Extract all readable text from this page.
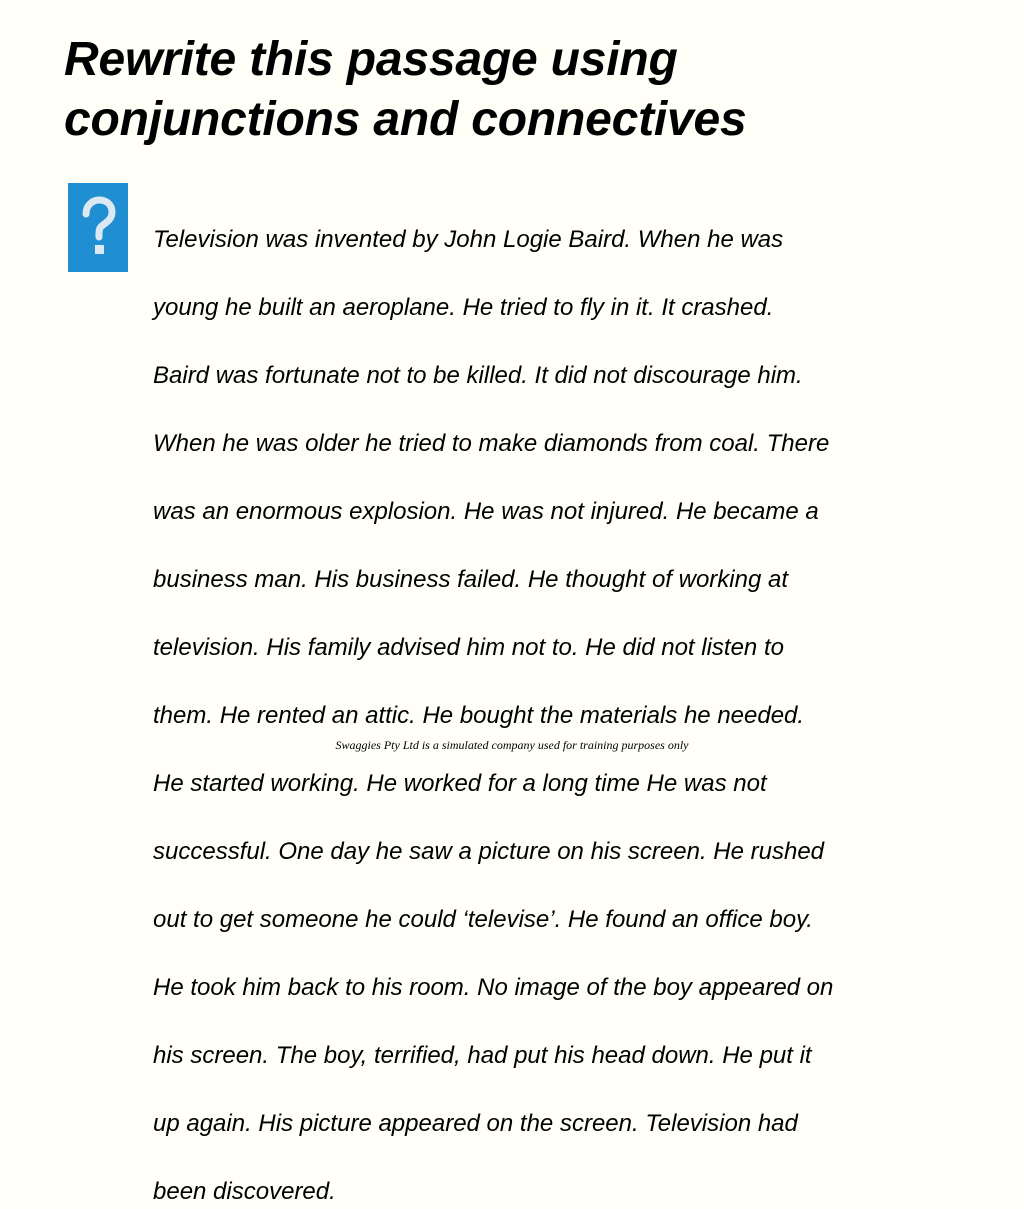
Rewrite this passage using
conjunctions and connectives

Television was invented by John Logie Baird. When he was

young he built an aeroplane. He tried to fly in it. It crashed.

Baird was fortunate not to be killed. It did not discourage him.

When he was older he tried to make diamonds from coal. There

was an enormous explosion. He was not injured. He became a

business man. His business failed. He thought of working at

television. His family advised him not to. He did not listen to

them. He rented an attic. He bought the materials he needed.

He started working. He worked for a long time He was not

successful. One day he saw a picture on his screen. He rushed

out to get someone he could ‘televise’. He found an office boy.

He took him back to his room. No image of the boy appeared on

his screen. The boy, terrified, had put his head down. He put it

up again. His picture appeared on the screen. Television had

been discovered.

Swaggies Pty Ltd is a simulated company used for training purposes only
